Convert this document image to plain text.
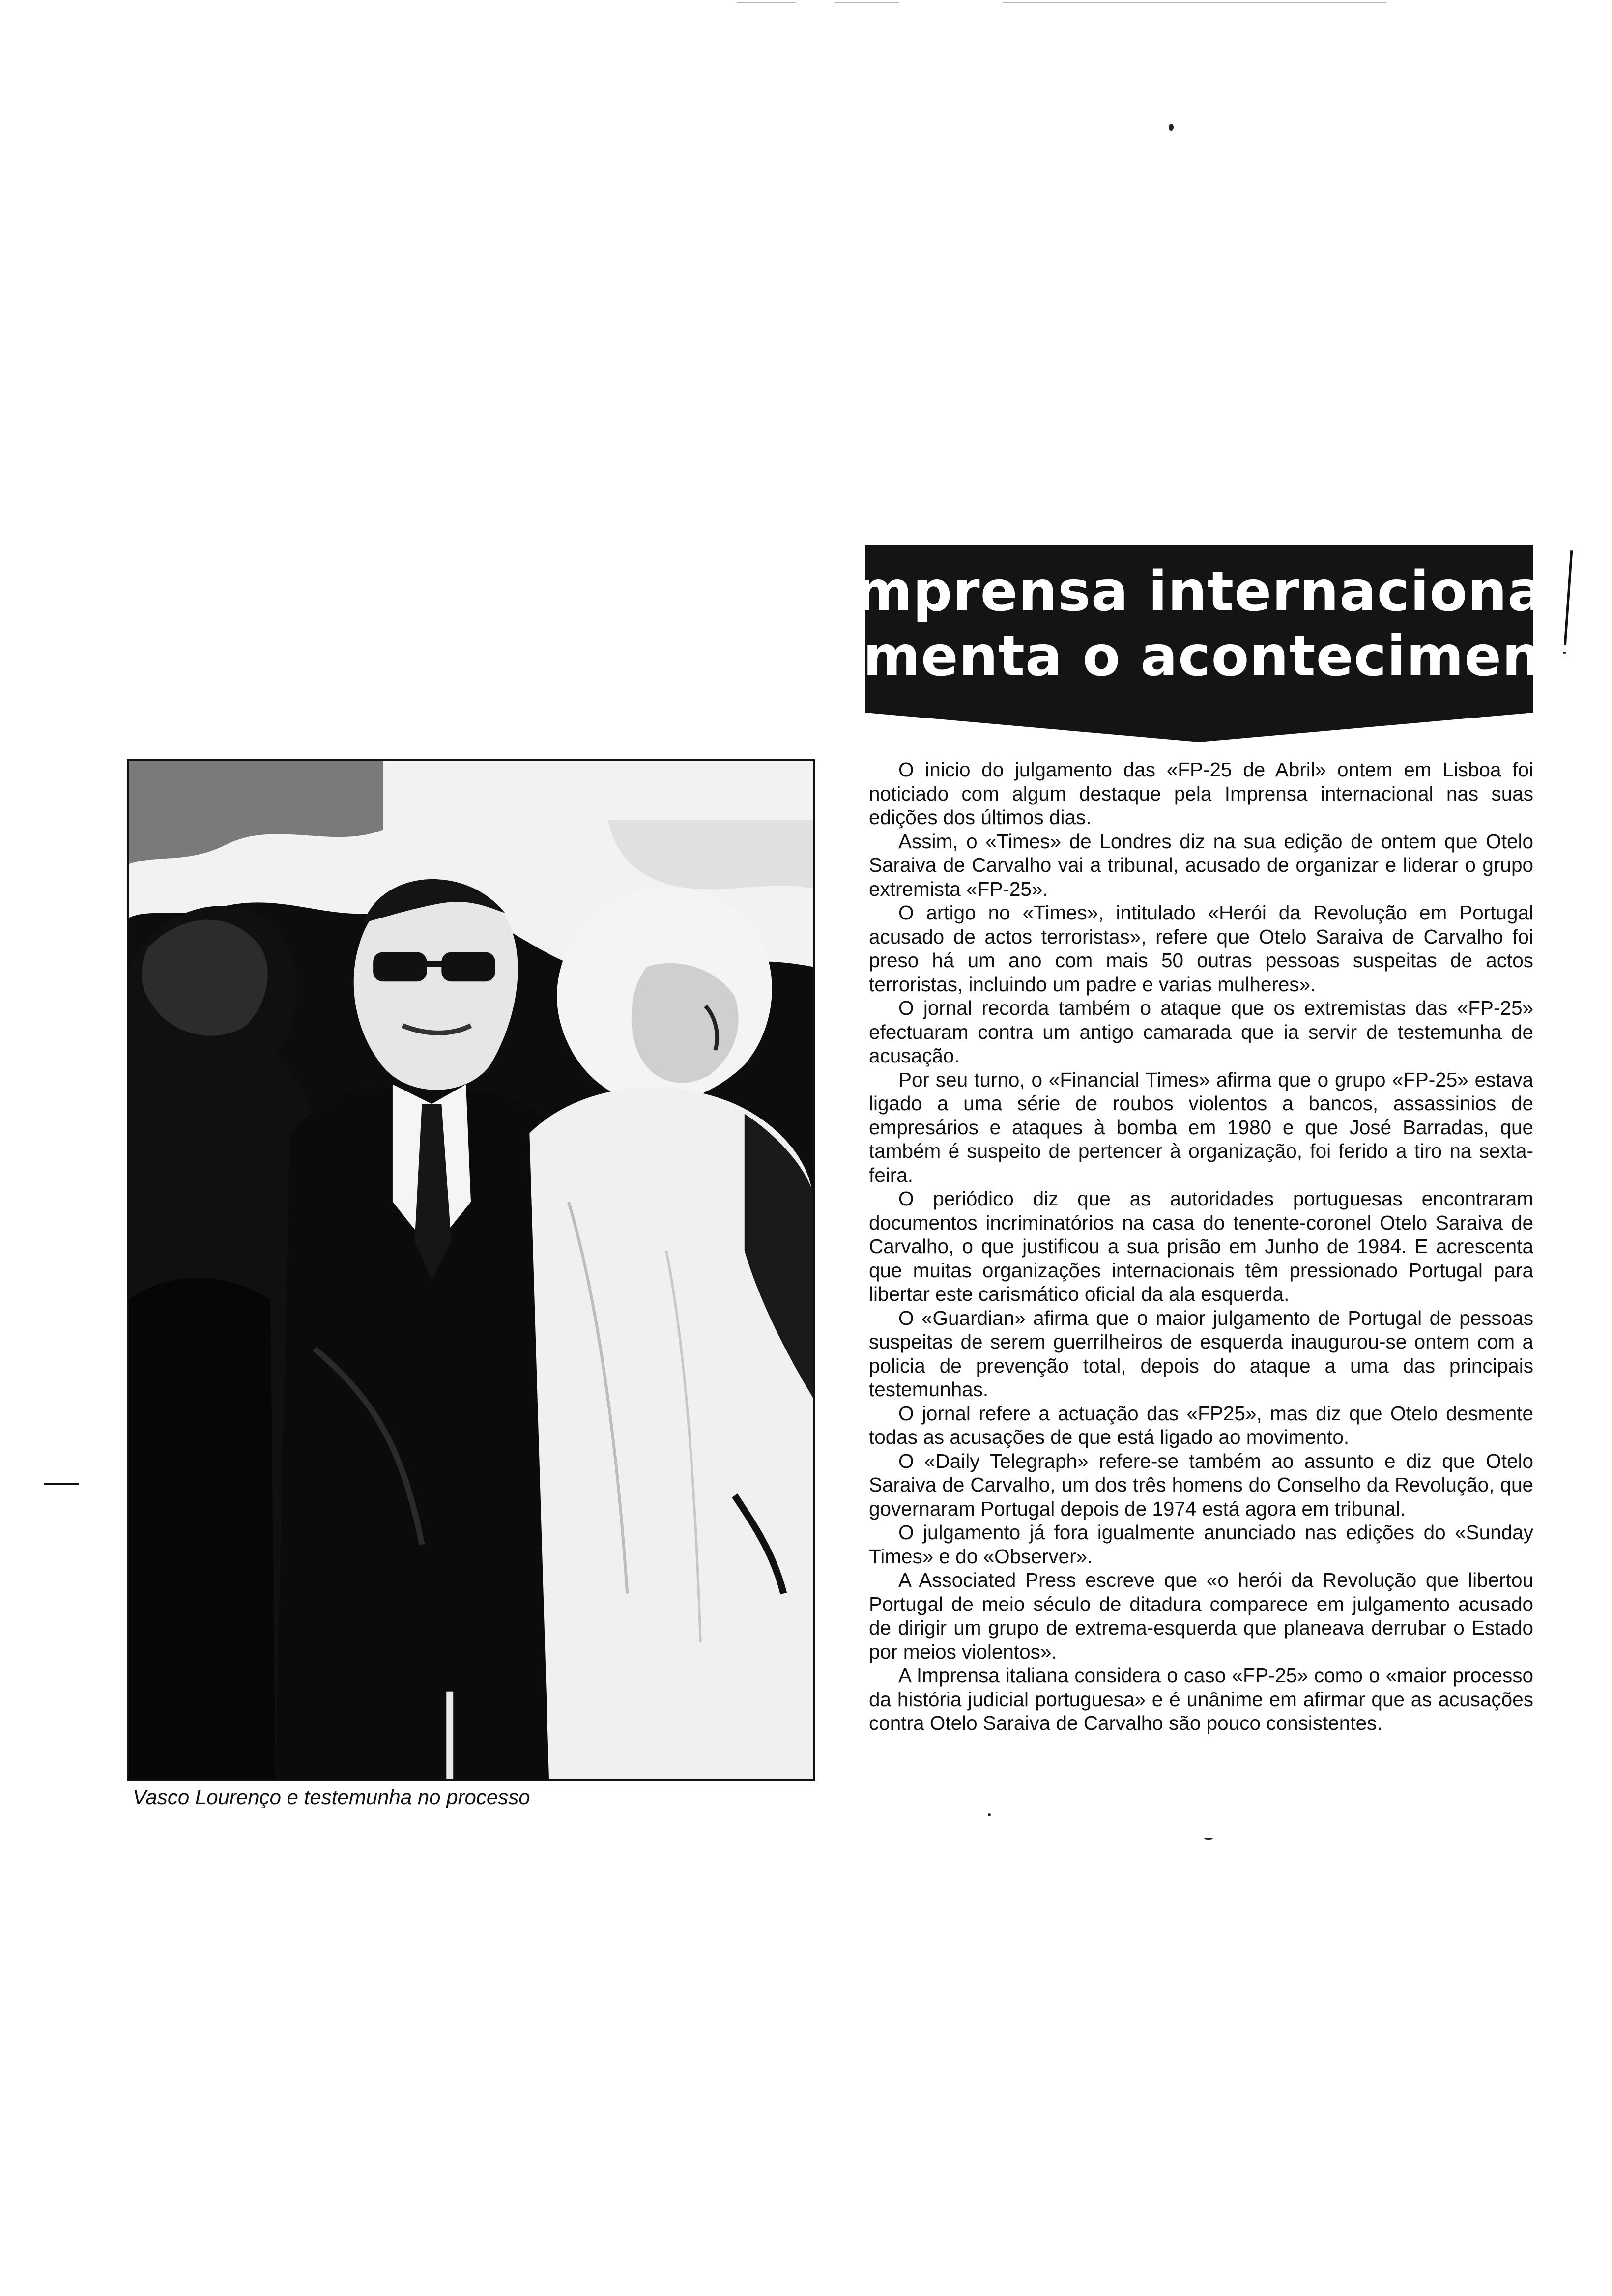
Imprensa internacional
comenta o acontecimento
Vasco Lourenço e testemunha no processo

O inicio do julgamento das «FP-25 de Abril» ontem em Lisboa foi noticiado com algum destaque pela Imprensa internacional nas suas edições dos últimos dias.

Assim, o «Times» de Londres diz na sua edição de ontem que Otelo Saraiva de Carvalho vai a tribunal, acusado de organizar e liderar o grupo extremista «FP-25».

O artigo no «Times», intitulado «Herói da Revolução em Portugal acusado de actos terroristas», refere que Otelo Saraiva de Carvalho foi preso há um ano com mais 50 outras pessoas suspeitas de actos terroristas, incluindo um padre e varias mulheres».

O jornal recorda também o ataque que os extremistas das «FP-25» efectuaram contra um antigo camarada que ia servir de testemunha de acusação.

Por seu turno, o «Financial Times» afirma que o grupo «FP-25» estava ligado a uma série de roubos violentos a bancos, assassinios de empresários e ataques à bomba em 1980 e que José Barradas, que também é suspeito de pertencer à organização, foi ferido a tiro na sexta-feira.

O periódico diz que as autoridades portuguesas encontraram documentos incriminatórios na casa do tenente-coronel Otelo Saraiva de Carvalho, o que justificou a sua prisão em Junho de 1984. E acrescenta que muitas organizações internacionais têm pressionado Portugal para libertar este carismático oficial da ala esquerda.

O «Guardian» afirma que o maior julgamento de Portugal de pessoas suspeitas de serem guerrilheiros de esquerda inaugurou-se ontem com a policia de prevenção total, depois do ataque a uma das principais testemunhas.

O jornal refere a actuação das «FP25», mas diz que Otelo desmente todas as acusações de que está ligado ao movimento.

O «Daily Telegraph» refere-se também ao assunto e diz que Otelo Saraiva de Carvalho, um dos três homens do Conselho da Revolução, que governaram Portugal depois de 1974 está agora em tribunal.

O julgamento já fora igualmente anunciado nas edições do «Sunday Times» e do «Observer».

A Associated Press escreve que «o herói da Revolução que libertou Portugal de meio século de ditadura comparece em julgamento acusado de dirigir um grupo de extrema-esquerda que planeava derrubar o Estado por meios violentos».

A Imprensa italiana considera o caso «FP-25» como o «maior processo da história judicial portuguesa» e é unânime em afirmar que as acusações contra Otelo Saraiva de Carvalho são pouco consistentes.
